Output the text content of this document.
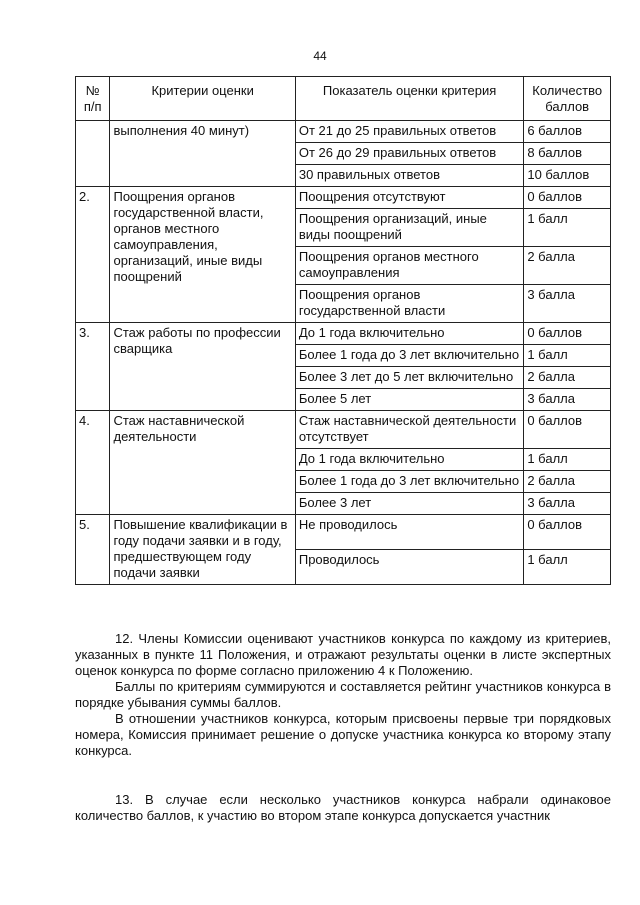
44
№ п/п	Критерии оценки	Показатель оценки критерия	Количество баллов
	выполнения 40 минут)	От 21 до 25 правильных ответов	6 баллов
		От 26 до 29 правильных ответов	8 баллов
		30 правильных ответов	10 баллов
2.	Поощрения органов государственной власти, органов местного самоуправления, организаций, иные виды поощрений	Поощрения отсутствуют	0 баллов
		Поощрения организаций, иные виды поощрений	1 балл
		Поощрения органов местного самоуправления	2 балла
		Поощрения органов государственной власти	3 балла
3.	Стаж работы по профессии сварщика	До 1 года включительно	0 баллов
		Более 1 года до 3 лет включительно	1 балл
		Более 3 лет до 5 лет включительно	2 балла
		Более 5 лет	3 балла
4.	Стаж наставнической деятельности	Стаж наставнической деятельности отсутствует	0 баллов
		До 1 года включительно	1 балл
		Более 1 года до 3 лет включительно	2 балла
		Более 3 лет	3 балла
5.	Повышение квалификации в году подачи заявки и в году, предшествующем году подачи заявки	Не проводилось	0 баллов
		Проводилось	1 балл

12. Члены Комиссии оценивают участников конкурса по каждому из критериев, указанных в пункте 11 Положения, и отражают результаты оценки в листе экспертных оценок конкурса по форме согласно приложению 4 к Положению.

Баллы по критериям суммируются и составляется рейтинг участников конкурса в порядке убывания суммы баллов.

В отношении участников конкурса, которым присвоены первые три порядковых номера, Комиссия принимает решение о допуске участника конкурса ко второму этапу конкурса.

13. В случае если несколько участников конкурса набрали одинаковое количество баллов, к участию во втором этапе конкурса допускается участник
